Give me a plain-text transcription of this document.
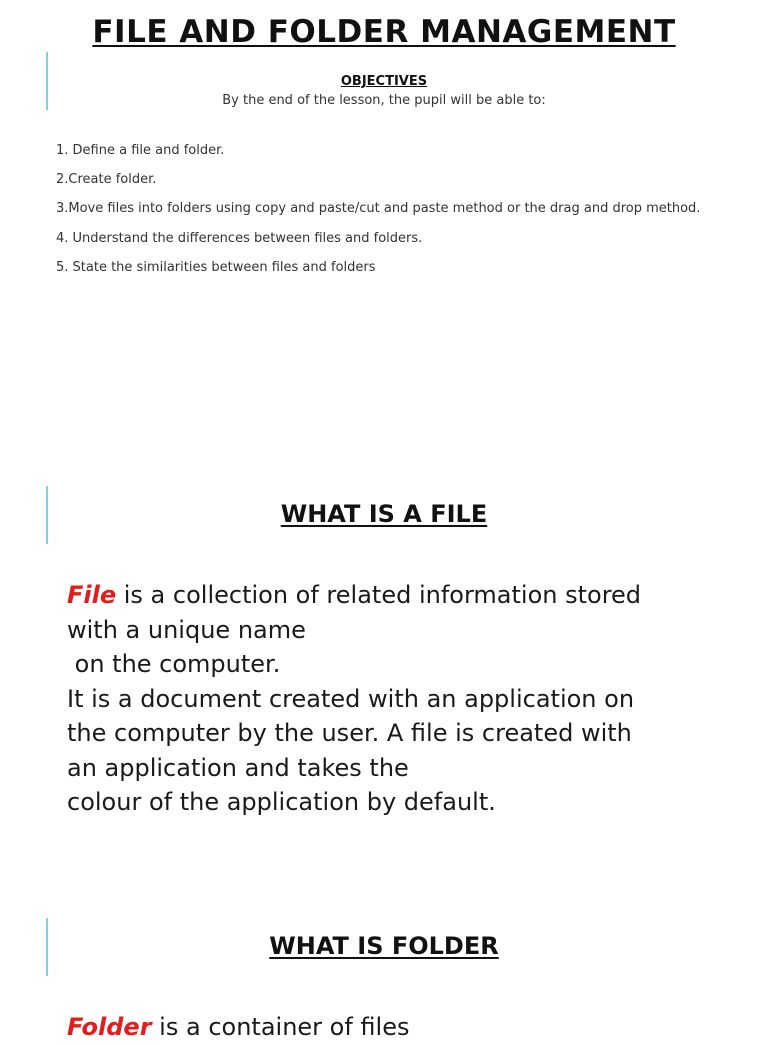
FILE AND FOLDER MANAGEMENT
OBJECTIVES
By the end of the lesson, the pupil will be able to:
1. Define a file and folder.
2.Create folder.
3.Move files into folders using copy and paste/cut and paste method or the drag and drop method.
4. Understand the differences between files and folders.
5. State the similarities between files and folders
WHAT IS A FILE
File is a collection of related information stored
with a unique name
on the computer.
It is a document created with an application on
the computer by the user. A file is created with
an application and takes the
colour of the application by default.
WHAT IS FOLDER
Folder is a container of files
